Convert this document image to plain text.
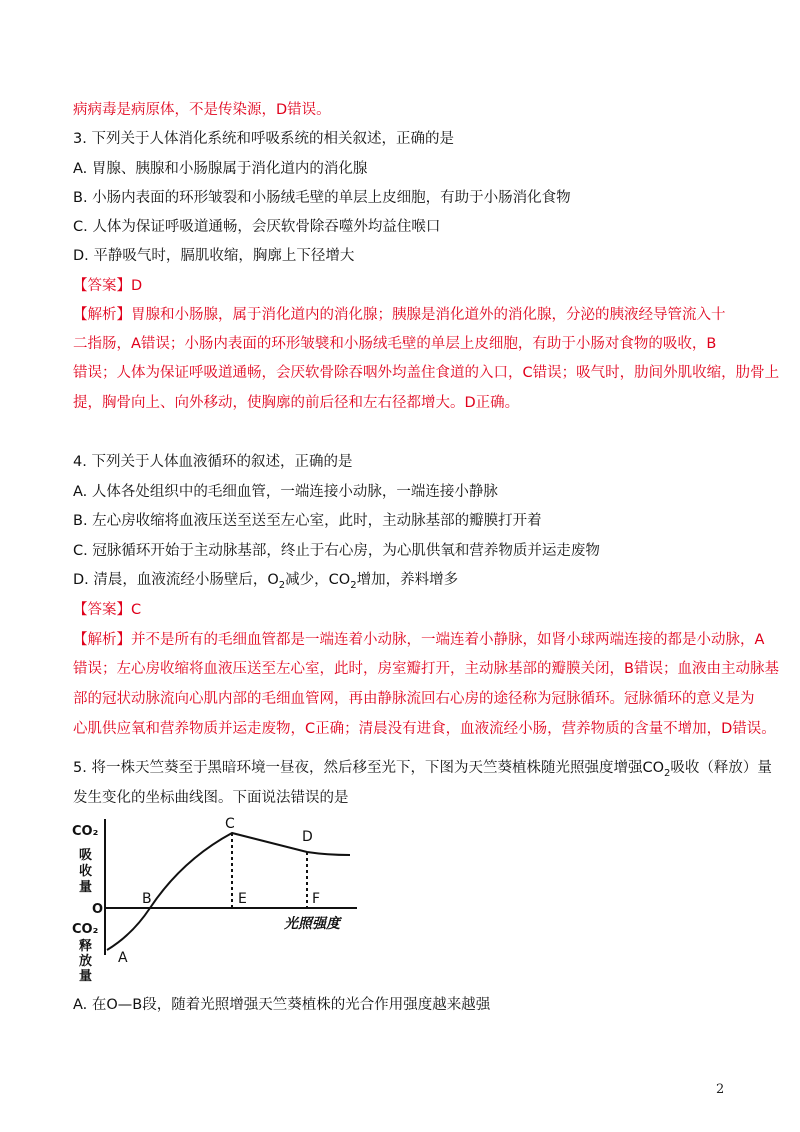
病病毒是病原体，不是传染源，D错误。
3. 下列关于人体消化系统和呼吸系统的相关叙述，正确的是
A. 胃腺、胰腺和小肠腺属于消化道内的消化腺
B. 小肠内表面的环形皱裂和小肠绒毛壁的单层上皮细胞，有助于小肠消化食物
C. 人体为保证呼吸道通畅，会厌软骨除吞噬外均益住喉口
D. 平静吸气时，膈肌收缩，胸廓上下径增大
【答案】D
【解析】胃腺和小肠腺，属于消化道内的消化腺；胰腺是消化道外的消化腺，分泌的胰液经导管流入十
二指肠，A错误；小肠内表面的环形皱襞和小肠绒毛壁的单层上皮细胞，有助于小肠对食物的吸收，B
错误；人体为保证呼吸道通畅，会厌软骨除吞咽外均盖住食道的入口，C错误；吸气时，肋间外肌收缩，肋骨上
提，胸骨向上、向外移动，使胸廓的前后径和左右径都增大。D正确。
4. 下列关于人体血液循环的叙述，正确的是
A. 人体各处组织中的毛细血管，一端连接小动脉，一端连接小静脉
B. 左心房收缩将血液压送至送至左心室，此时，主动脉基部的瓣膜打开着
C. 冠脉循环开始于主动脉基部，终止于右心房，为心肌供氧和营养物质并运走废物
D. 清晨，血液流经小肠壁后，$O_2$减少，$CO_2$增加，养料增多
【答案】C
【解析】并不是所有的毛细血管都是一端连着小动脉，一端连着小静脉，如肾小球两端连接的都是小动脉，A
错误；左心房收缩将血液压送至左心室，此时，房室瓣打开，主动脉基部的瓣膜关闭，B错误；血液由主动脉基
部的冠状动脉流向心肌内部的毛细血管网，再由静脉流回右心房的途径称为冠脉循环。冠脉循环的意义是为
心肌供应氧和营养物质并运走废物，C正确；清晨没有进食，血液流经小肠，营养物质的含量不增加，D错误。
5. 将一株天竺葵至于黑暗环境一昼夜，然后移至光下，下图为天竺葵植株随光照强度增强$CO_2$吸收（释放）量
发生变化的坐标曲线图。下面说法错误的是
CO₂
吸
收
量
O
CO₂
释
放
量
A
B
C
D
E	F
光照强度
A. 在O—B段，随着光照增强天竺葵植株的光合作用强度越来越强
2
